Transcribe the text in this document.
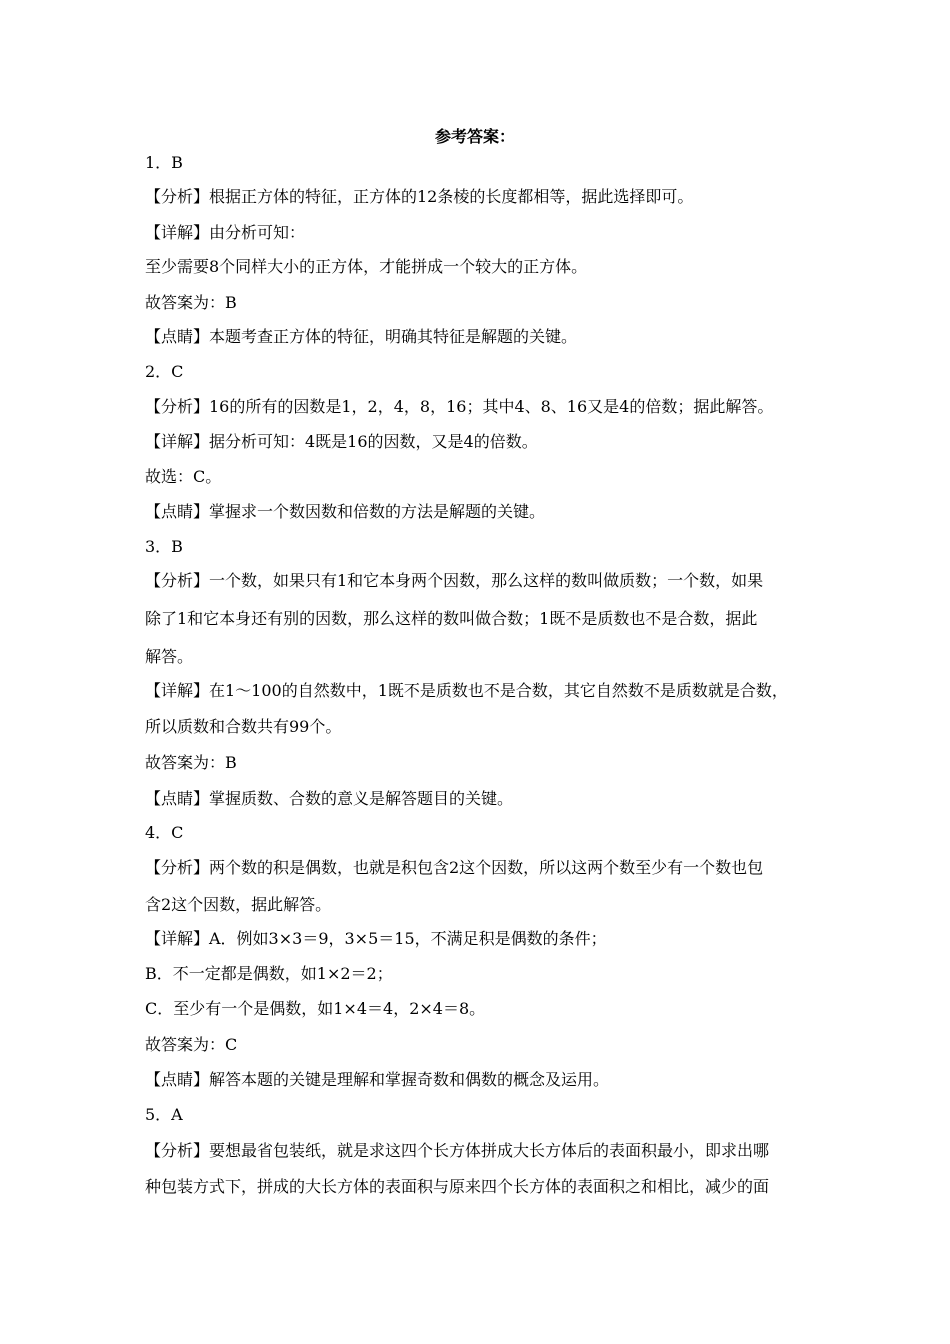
参考答案：
1．B
【分析】根据正方体的特征，正方体的12条棱的长度都相等，据此选择即可。
【详解】由分析可知：
至少需要8个同样大小的正方体，才能拼成一个较大的正方体。
故答案为：B
【点睛】本题考查正方体的特征，明确其特征是解题的关键。
2．C
【分析】16的所有的因数是1，2，4，8，16；其中4、8、16又是4的倍数；据此解答。
【详解】据分析可知：4既是16的因数，又是4的倍数。
故选：C。
【点睛】掌握求一个数因数和倍数的方法是解题的关键。
3．B
【分析】一个数，如果只有1和它本身两个因数，那么这样的数叫做质数；一个数，如果
除了1和它本身还有别的因数，那么这样的数叫做合数；1既不是质数也不是合数，据此
解答。
【详解】在1～100的自然数中，1既不是质数也不是合数，其它自然数不是质数就是合数，
所以质数和合数共有99个。
故答案为：B
【点睛】掌握质数、合数的意义是解答题目的关键。
4．C
【分析】两个数的积是偶数，也就是积包含2这个因数，所以这两个数至少有一个数也包
含2这个因数，据此解答。
【详解】A．例如3×3＝9，3×5＝15，不满足积是偶数的条件；
B．不一定都是偶数，如1×2＝2；
C．至少有一个是偶数，如1×4＝4，2×4＝8。
故答案为：C
【点睛】解答本题的关键是理解和掌握奇数和偶数的概念及运用。
5．A
【分析】要想最省包装纸，就是求这四个长方体拼成大长方体后的表面积最小，即求出哪
种包装方式下，拼成的大长方体的表面积与原来四个长方体的表面积之和相比，减少的面
